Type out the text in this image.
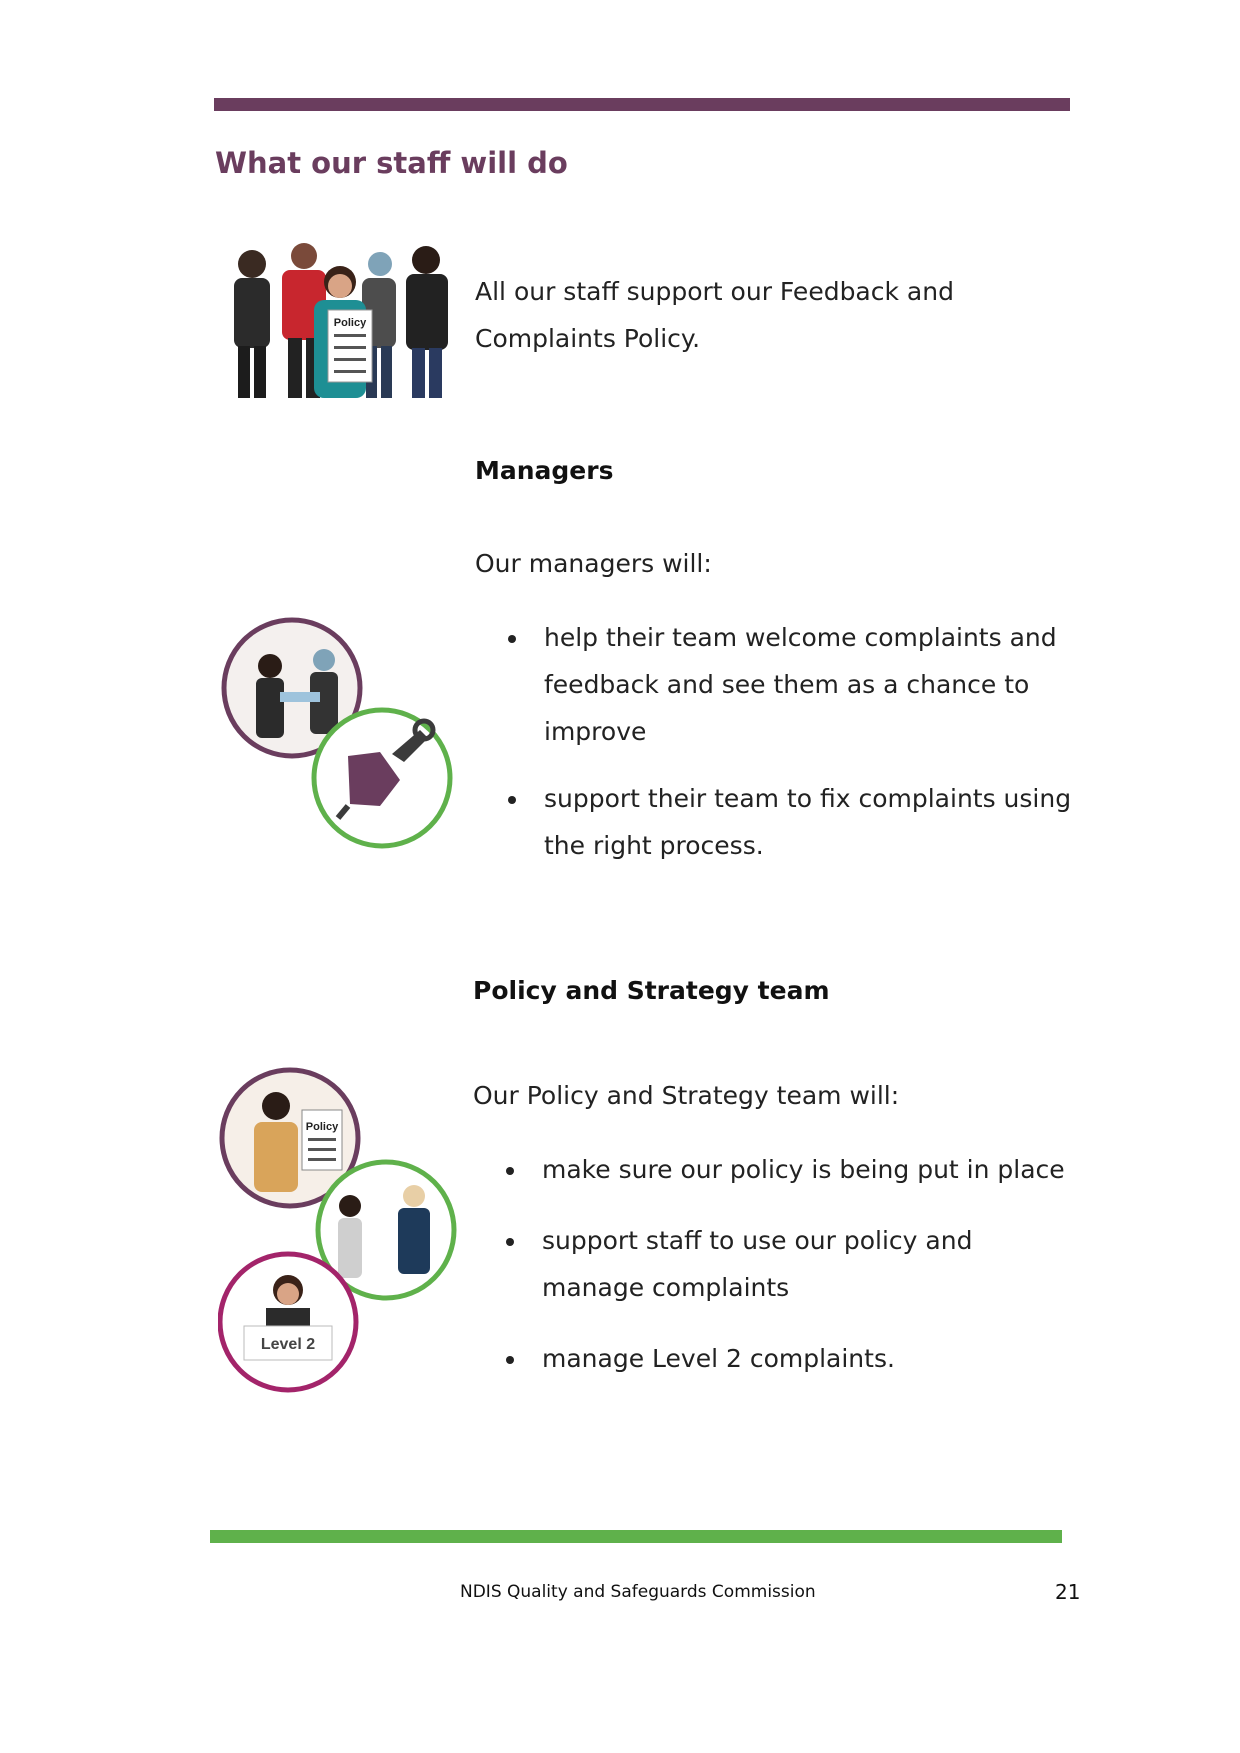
What our staff will do
Policy
All our staff support our Feedback and Complaints Policy.
Managers
Our managers will:
help their team welcome complaints and feedback and see them as a chance to improve
support their team to fix complaints using the right process.
Policy and Strategy team
Our Policy and Strategy team will:
make sure our policy is being put in place
support staff to use our policy and manage complaints
manage Level 2 complaints.
Policy
Level 2
NDIS Quality and Safeguards Commission	21
